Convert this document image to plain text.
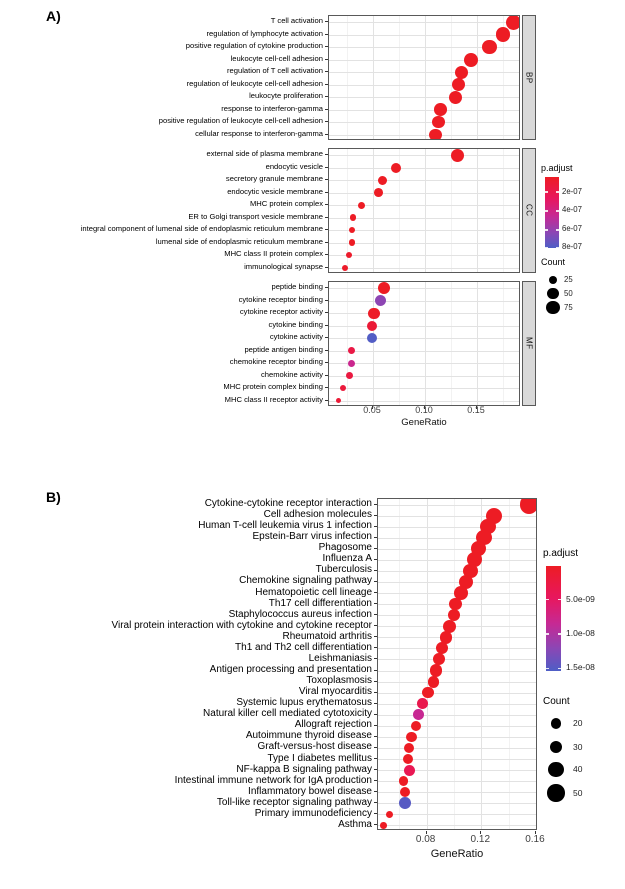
A)	T cell activation
regulation of lymphocyte activation
positive regulation of cytokine production
leukocyte cell-cell adhesion
regulation of T cell activation
regulation of leukocyte cell-cell adhesion
leukocyte proliferation
response to interferon-gamma
positive regulation of leukocyte cell-cell adhesion
cellular response to interferon-gamma
BP
external side of plasma membrane
endocytic vesicle
secretory granule membrane
endocytic vesicle membrane
MHC protein complex
ER to Golgi transport vesicle membrane
integral component of lumenal side of endoplasmic reticulum membrane
lumenal side of endoplasmic reticulum membrane
MHC class II protein complex
immunological synapse
CC
peptide binding
cytokine receptor binding
cytokine receptor activity
cytokine binding
cytokine activity
peptide antigen binding
chemokine receptor binding
chemokine activity
MHC protein complex binding
MHC class II receptor activity
MF
0.05	0.10	0.15
GeneRatio
p.adjust
2e-07
4e-07
6e-07
8e-07
Count
25
50
75
B)	Cytokine-cytokine receptor interaction
Cell adhesion molecules
Human T-cell leukemia virus 1 infection
Epstein-Barr virus infection
Phagosome
Influenza A
Tuberculosis
Chemokine signaling pathway
Hematopoietic cell lineage
Th17 cell differentiation
Staphylococcus aureus infection
Viral protein interaction with cytokine and cytokine receptor
Rheumatoid arthritis
Th1 and Th2 cell differentiation
Leishmaniasis
Antigen processing and presentation
Toxoplasmosis
Viral myocarditis
Systemic lupus erythematosus
Natural killer cell mediated cytotoxicity
Allograft rejection
Autoimmune thyroid disease
Graft-versus-host disease
Type I diabetes mellitus
NF-kappa B signaling pathway
Intestinal immune network for IgA production
Inflammatory bowel disease
Toll-like receptor signaling pathway
Primary immunodeficiency
Asthma
0.08	0.12	0.16
GeneRatio
p.adjust
5.0e-09
1.0e-08
1.5e-08
Count
20
30
40
50
